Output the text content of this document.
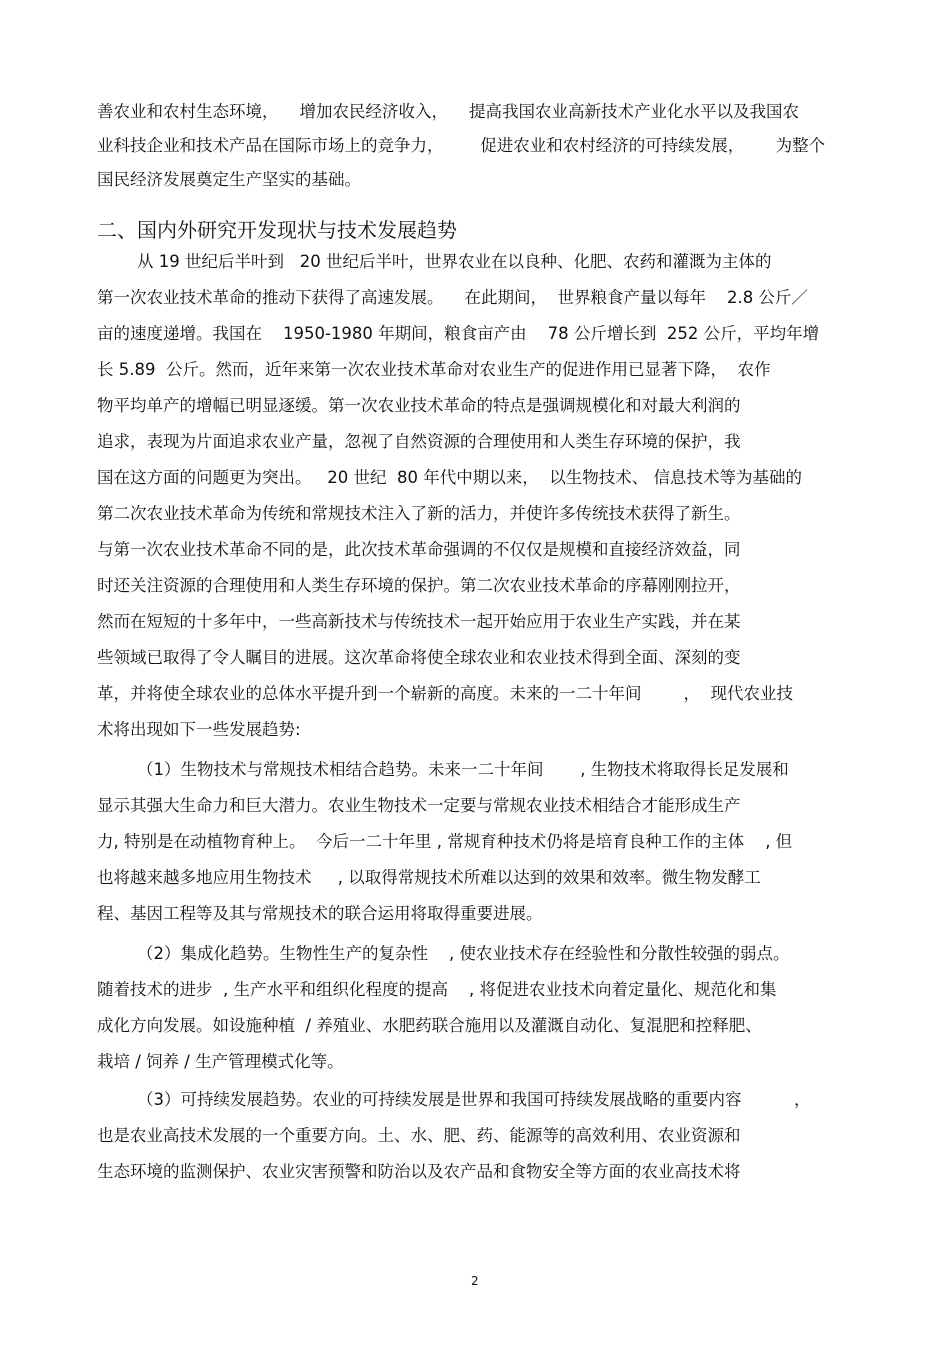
二、国内外研究开发现状与技术发展趋势
2
善农业和农村生态环境，    增加农民经济收入，    提高我国农业高新技术产业化水平以及我国农
业科技企业和技术产品在国际市场上的竞争力，       促进农业和农村经济的可持续发展，      为整个
国民经济发展奠定生产坚实的基础。
从 19 世纪后半叶到   20 世纪后半叶，世界农业在以良种、化肥、农药和灌溉为主体的
第一次农业技术革命的推动下获得了高速发展。    在此期间，  世界粮食产量以每年    2.8 公斤／
亩的速度递增。我国在    1950-1980 年期间，粮食亩产由    78 公斤增长到  252 公斤，平均年增
长 5.89  公斤。然而，近年来第一次农业技术革命对农业生产的促进作用已显著下降，  农作
物平均单产的增幅已明显逐缓。第一次农业技术革命的特点是强调规模化和对最大利润的
追求，表现为片面追求农业产量，忽视了自然资源的合理使用和人类生存环境的保护，我
国在这方面的问题更为突出。   20 世纪  80 年代中期以来，  以生物技术、 信息技术等为基础的
第二次农业技术革命为传统和常规技术注入了新的活力，并使许多传统技术获得了新生。
与第一次农业技术革命不同的是，此次技术革命强调的不仅仅是规模和直接经济效益，同
时还关注资源的合理使用和人类生存环境的保护。第二次农业技术革命的序幕刚刚拉开，
然而在短短的十多年中，一些高新技术与传统技术一起开始应用于农业生产实践，并在某
些领域已取得了令人瞩目的进展。这次革命将使全球农业和农业技术得到全面、深刻的变
革，并将使全球农业的总体水平提升到一个崭新的高度。未来的一二十年间        ，  现代农业技
术将出现如下一些发展趋势:
（1）生物技术与常规技术相结合趋势。未来一二十年间       , 生物技术将取得长足发展和
显示其强大生命力和巨大潜力。农业生物技术一定要与常规农业技术相结合才能形成生产
力, 特别是在动植物育种上。  今后一二十年里 , 常规育种技术仍将是培育良种工作的主体    , 但
也将越来越多地应用生物技术     , 以取得常规技术所难以达到的效果和效率。微生物发酵工
程、基因工程等及其与常规技术的联合运用将取得重要进展。
（2）集成化趋势。生物性生产的复杂性    , 使农业技术存在经验性和分散性较强的弱点。
随着技术的进步  , 生产水平和组织化程度的提高    , 将促进农业技术向着定量化、规范化和集
成化方向发展。如设施种植  / 养殖业、水肥药联合施用以及灌溉自动化、复混肥和控释肥、
栽培 / 饲养 / 生产管理模式化等。
（3）可持续发展趋势。农业的可持续发展是世界和我国可持续发展战略的重要内容          ，
也是农业高技术发展的一个重要方向。土、水、肥、药、能源等的高效利用、农业资源和
生态环境的监测保护、农业灾害预警和防治以及农产品和食物安全等方面的农业高技术将
